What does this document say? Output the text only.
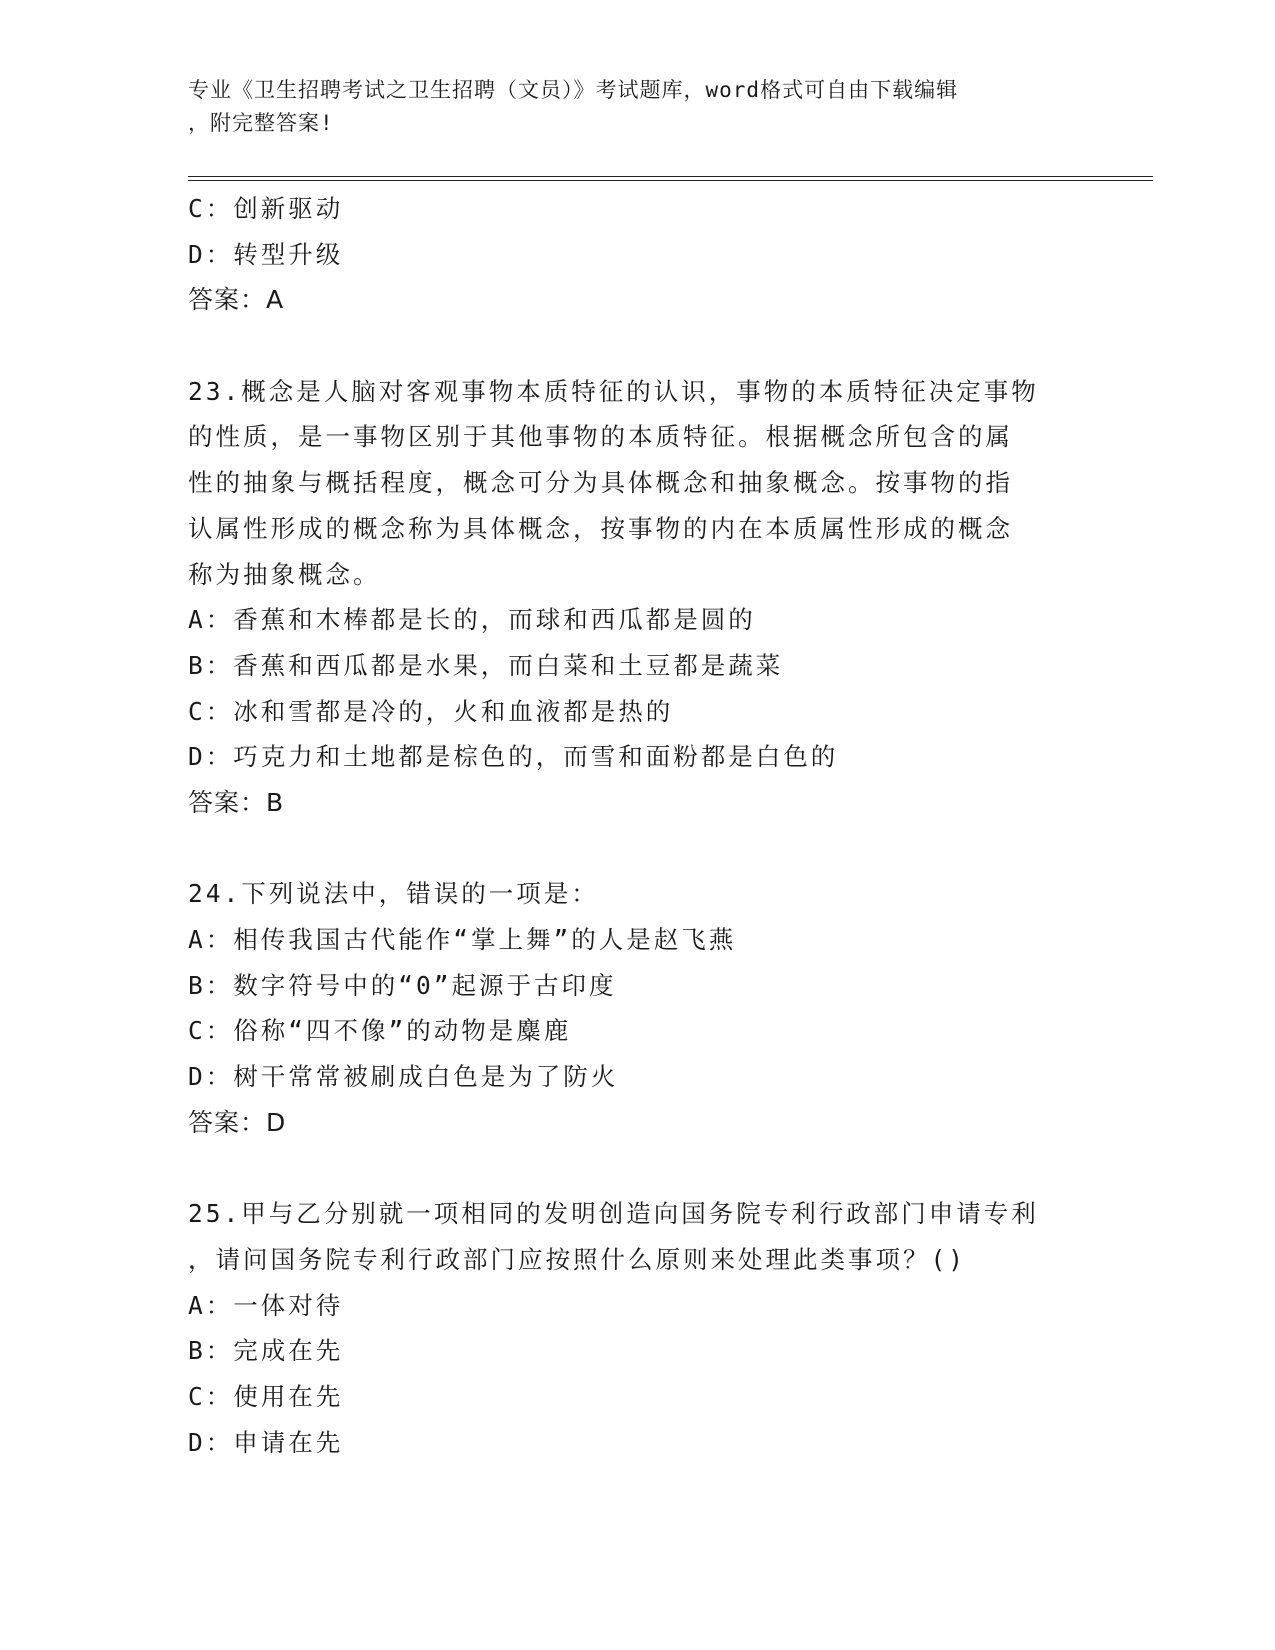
专业《卫生招聘考试之卫生招聘（文员）》考试题库，word格式可自由下载编辑
，附完整答案!
C：创新驱动
D：转型升级
答案：A
23.概念是人脑对客观事物本质特征的认识，事物的本质特征决定事物
的性质，是一事物区别于其他事物的本质特征。根据概念所包含的属
性的抽象与概括程度，概念可分为具体概念和抽象概念。按事物的指
认属性形成的概念称为具体概念，按事物的内在本质属性形成的概念
称为抽象概念。
A：香蕉和木棒都是长的，而球和西瓜都是圆的
B：香蕉和西瓜都是水果，而白菜和土豆都是蔬菜
C：冰和雪都是冷的，火和血液都是热的
D：巧克力和土地都是棕色的，而雪和面粉都是白色的
答案：B
24.下列说法中，错误的一项是：
A：相传我国古代能作“掌上舞”的人是赵飞燕
B：数字符号中的“0”起源于古印度
C：俗称“四不像”的动物是麋鹿
D：树干常常被刷成白色是为了防火
答案：D
25.甲与乙分别就一项相同的发明创造向国务院专利行政部门申请专利
，请问国务院专利行政部门应按照什么原则来处理此类事项？()
A：一体对待
B：完成在先
C：使用在先
D：申请在先
